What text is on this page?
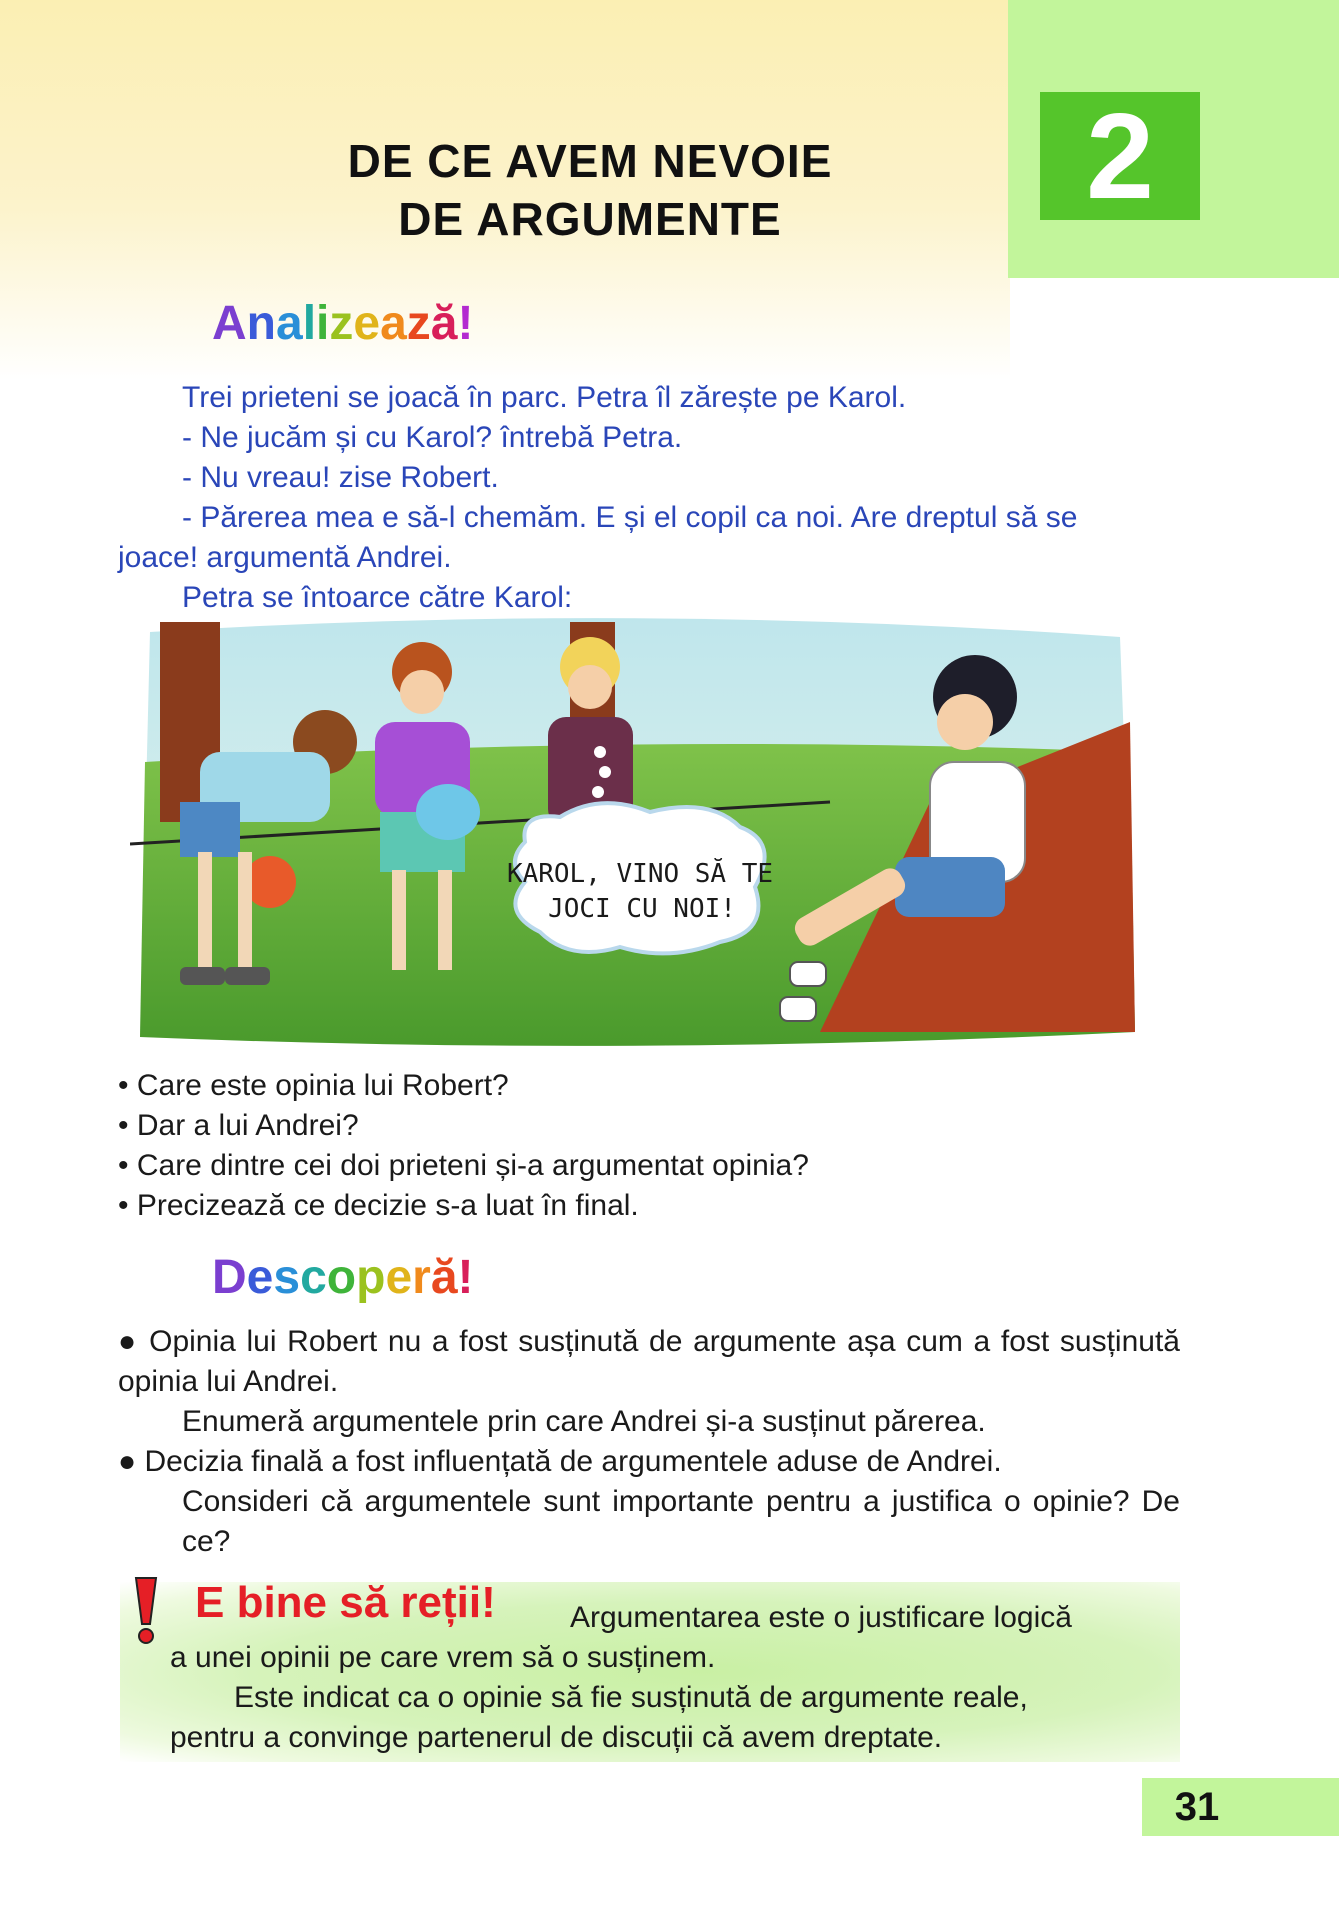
2
DE CE AVEM NEVOIE
DE ARGUMENTE
Analizează!

Trei prieteni se joacă în parc. Petra îl zărește pe Karol.

- Ne jucăm și cu Karol? întrebă Petra.

- Nu vreau! zise Robert.

- Părerea mea e să-l chemăm. E și el copil ca noi. Are dreptul să se

joace! argumentă Andrei.

Petra se întoarce către Karol:

KAROL, VINO SĂ TE
JOCI CU NOI!
• Care este opinia lui Robert?
• Dar a lui Andrei?
• Care dintre cei doi prieteni și-a argumentat opinia?
• Precizează ce decizie s-a luat în final.
Descoperă!

● Opinia lui Robert nu a fost susținută de argumente așa cum a fost susținută opinia lui Andrei.

Enumeră argumentele prin care Andrei și-a susținut părerea.

● Decizia finală a fost influențată de argumentele aduse de Andrei.

Consideri că argumentele sunt importante pentru a justifica o opinie? De ce?

Argumentarea este o justificare logică
a unei opinii pe care vrem să o susținem.
Este indicat ca o opinie să fie susținută de argumente reale,
pentru a convinge partenerul de discuții că avem dreptate.
E bine să reții!
31
